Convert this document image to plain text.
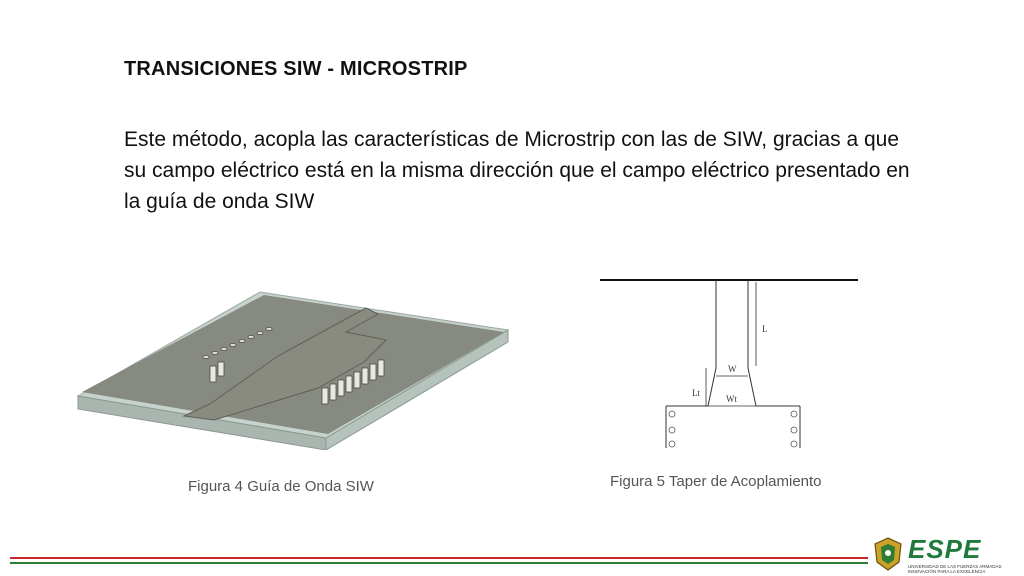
TRANSICIONES SIW - MICROSTRIP
Este método, acopla las características de Microstrip con las de SIW, gracias a que su campo eléctrico está en la misma dirección que el campo eléctrico presentado en la guía de onda SIW
L
W
Lt
Wt
Figura 4 Guía de Onda SIW	Figura 5 Taper de Acoplamiento
ESPE
UNIVERSIDAD DE LAS FUERZAS ARMADAS
INNOVACIÓN PARA LA EXCELENCIA
